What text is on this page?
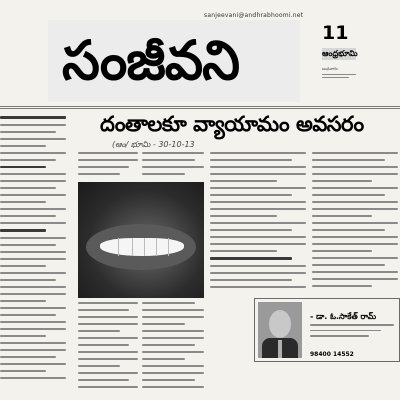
sanjeevani@andhrabhoomi.net
సంజీవని	11
ఆంధ్రభూమి
బుధవారం
దంతాలకూ వ్యాయామం అవసరం
(ఆం/ భూమి - 30-10-13
- డా. ఓ.సాకేత్ రామ్
98400 14552
